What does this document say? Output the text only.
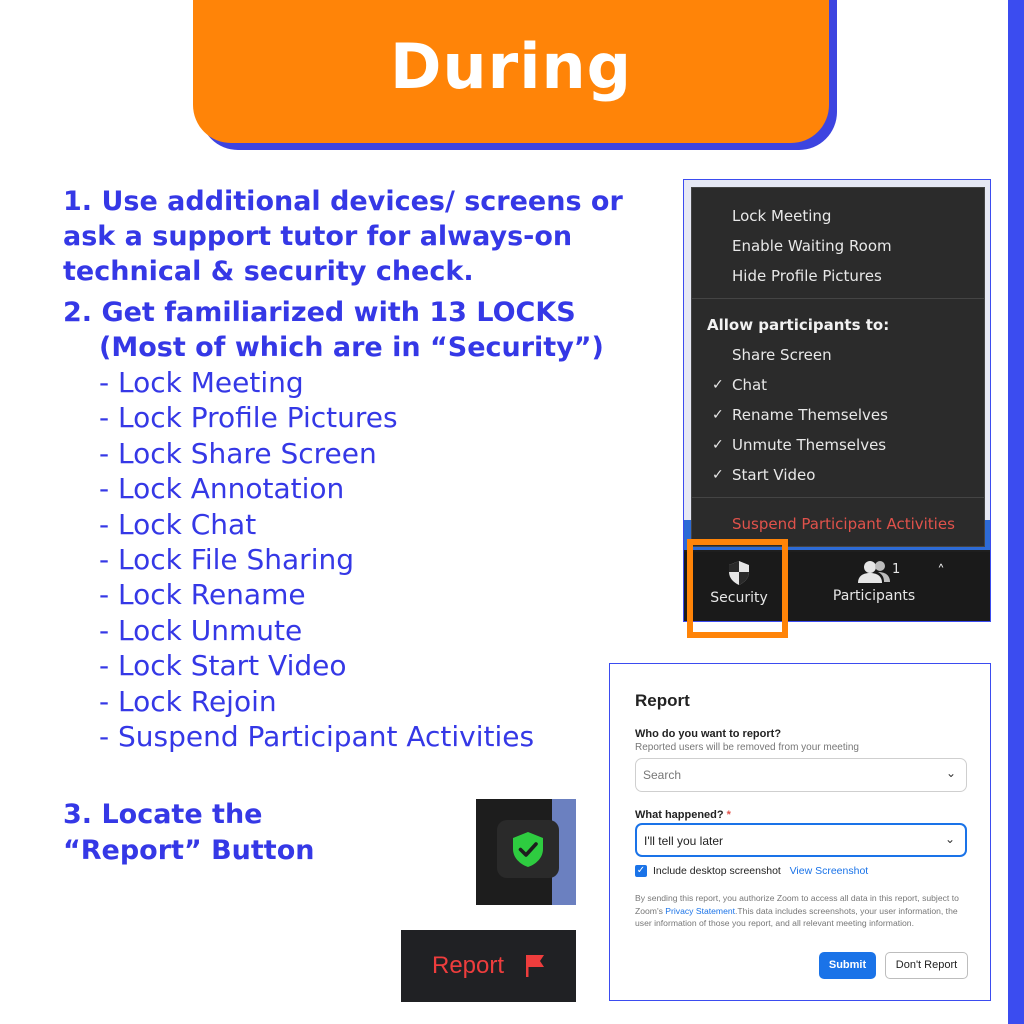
During
1. Use additional devices/ screens or
ask a support tutor for always-on
technical & security check.
2. Get familiarized with 13 LOCKS
(Most of which are in “Security”)
- Lock Meeting
- Lock Profile Pictures
- Lock Share Screen
- Lock Annotation
- Lock Chat
- Lock File Sharing
- Lock Rename
- Lock Unmute
- Lock Start Video
- Lock Rejoin
- Suspend Participant Activities
3. Locate the
“Report” Button
Lock Meeting
Enable Waiting Room
Hide Profile Pictures
Allow participants to:
Share Screen
✓ Chat
✓ Rename Themselves
✓ Unmute Themselves
✓ Start Video
Suspend Participant Activities
Security
1
Participants
˄
Report
Who do you want to report?
Reported users will be removed from your meeting
Search	⌄
What happened? *
I'll tell you later	⌄
✓ Include desktop screenshot View Screenshot
By sending this report, you authorize Zoom to access all data in this report, subject to Zoom's Privacy Statement.This data includes screenshots, your user information, the user information of those you report, and all relevant meeting information.
Submit	Don't Report
Report
